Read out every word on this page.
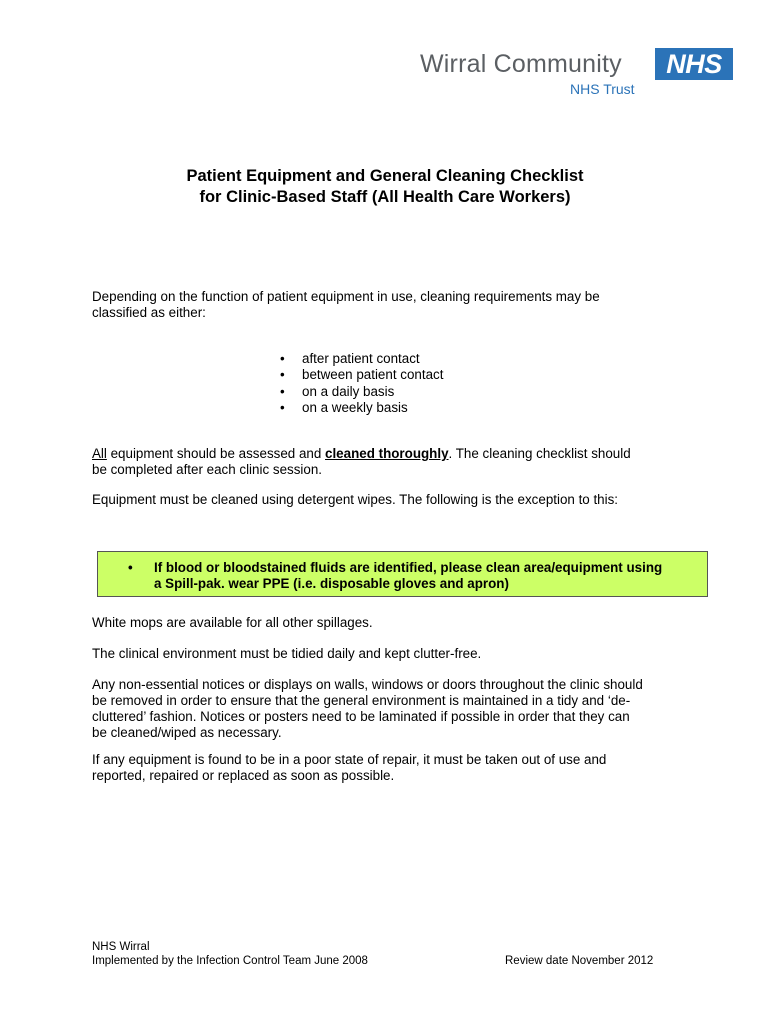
Wirral Community	NHS
NHS Trust
Patient Equipment and General Cleaning Checklist
for Clinic-Based Staff (All Health Care Workers)

Depending on the function of patient equipment in use, cleaning requirements may be
classified as either:

• after patient contact
• between patient contact
• on a daily basis
• on a weekly basis

All equipment should be assessed and cleaned thoroughly. The cleaning checklist should
be completed after each clinic session.

Equipment must be cleaned using detergent wipes. The following is the exception to this:

• If blood or bloodstained fluids are identified, please clean area/equipment using
a Spill-pak. wear PPE (i.e. disposable gloves and apron)

White mops are available for all other spillages.

The clinical environment must be tidied daily and kept clutter-free.

Any non-essential notices or displays on walls, windows or doors throughout the clinic should
be removed in order to ensure that the general environment is maintained in a tidy and ‘de-
cluttered’ fashion. Notices or posters need to be laminated if possible in order that they can
be cleaned/wiped as necessary.

If any equipment is found to be in a poor state of repair, it must be taken out of use and
reported, repaired or replaced as soon as possible.

NHS Wirral
Implemented by the Infection Control Team June 2008	Review date November 2012
